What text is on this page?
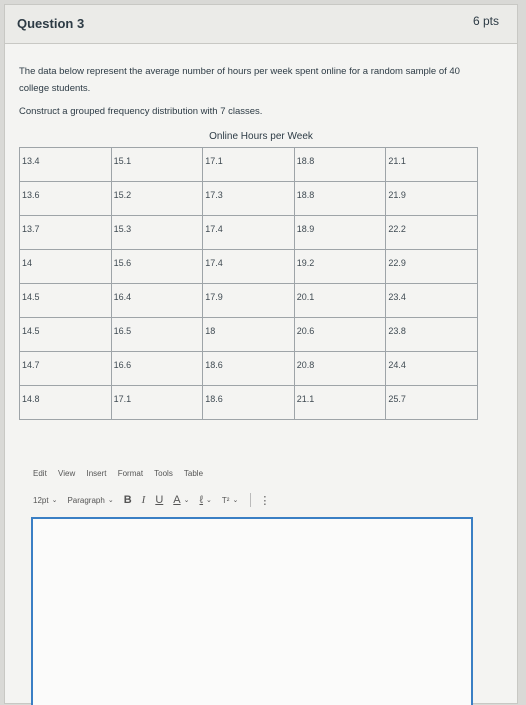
Question 3	6 pts
The data below represent the average number of hours per week spent online for a random sample of 40 college students.
Construct a grouped frequency distribution with 7 classes.
Online Hours per Week
13.4	15.1	17.1	18.8	21.1
13.6	15.2	17.3	18.8	21.9
13.7	15.3	17.4	18.9	22.2
14	15.6	17.4	19.2	22.9
14.5	16.4	17.9	20.1	23.4
14.5	16.5	18	20.6	23.8
14.7	16.6	18.6	20.8	24.4
14.8	17.1	18.6	21.1	25.7
Edit View Insert Format Tools Table
12pt ⌄ Paragraph ⌄ B I U A ⌄ ℓ ⌄ T² ⌄ ⋮
